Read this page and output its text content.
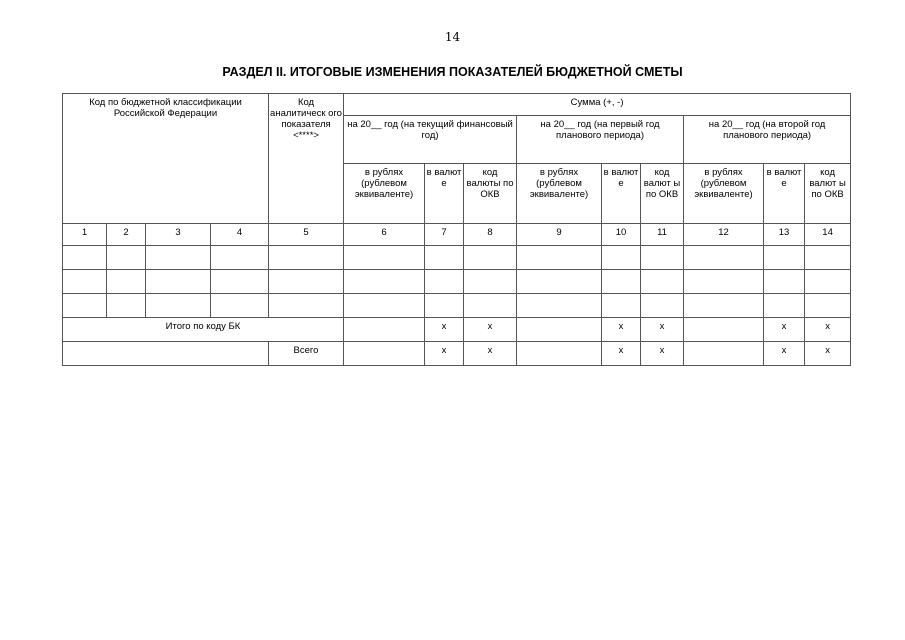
14
РАЗДЕЛ II. ИТОГОВЫЕ ИЗМЕНЕНИЯ ПОКАЗАТЕЛЕЙ БЮДЖЕТНОЙ СМЕТЫ
Код по бюджетной классификации Российской Федерации				Код аналитическ ого показателя <****>	Сумма (+, -)								
					на 20__ год (на текущий финансовый год)			на 20__ год (на первый год планового периода)			на 20__ год (на второй год планового периода)		
					в рублях (рублевом эквиваленте)	в валют е	код валюты по ОКВ	в рублях (рублевом эквиваленте)	в валют е	код валют ы по ОКВ	в рублях (рублевом эквиваленте)	в валют е	код валют ы по ОКВ

1	2	3	4	5	6	7	8	9	10	11	12	13	14

Итого по коду БК						x	x		x	x		x	x
				Всего		x	x		x	x		x	x
